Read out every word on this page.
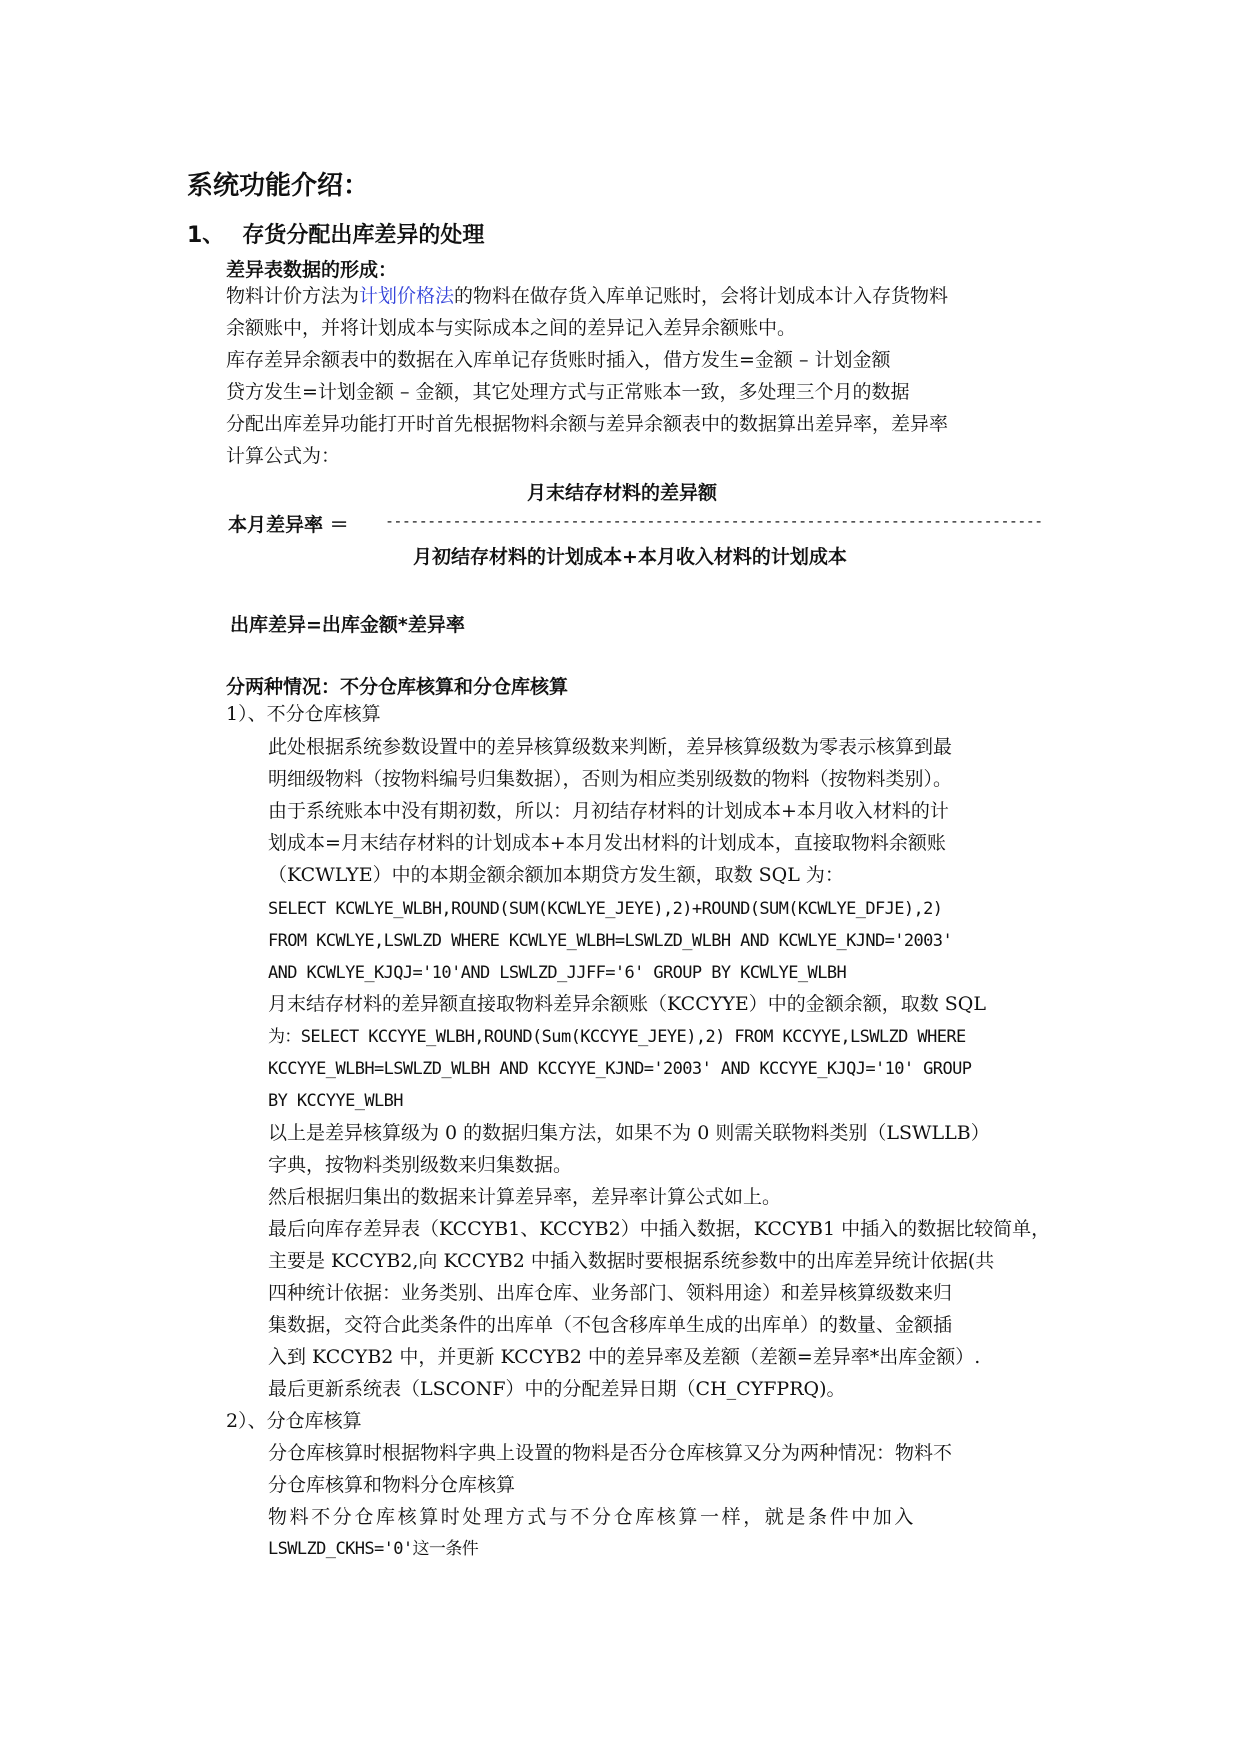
系统功能介绍：
1、 存货分配出库差异的处理
差异表数据的形成：
物料计价方法为计划价格法的物料在做存货入库单记账时，会将计划成本计入存货物料
余额账中，并将计划成本与实际成本之间的差异记入差异余额账中。
库存差异余额表中的数据在入库单记存货账时插入，借方发生=金额 – 计划金额
贷方发生=计划金额 – 金额，其它处理方式与正常账本一致，多处理三个月的数据
分配出库差异功能打开时首先根据物料余额与差异余额表中的数据算出差异率，差异率
计算公式为：
月末结存材料的差异额
本月差异率 ＝ ------------------------------------------------------------------------------
月初结存材料的计划成本+本月收入材料的计划成本
出库差异=出库金额*差异率
分两种情况：不分仓库核算和分仓库核算
1）、不分仓库核算
此处根据系统参数设置中的差异核算级数来判断，差异核算级数为零表示核算到最
明细级物料（按物料编号归集数据），否则为相应类别级数的物料（按物料类别）。
由于系统账本中没有期初数，所以：月初结存材料的计划成本+本月收入材料的计
划成本=月末结存材料的计划成本+本月发出材料的计划成本，直接取物料余额账
（KCWLYE）中的本期金额余额加本期贷方发生额，取数 SQL 为：
SELECT KCWLYE_WLBH,ROUND(SUM(KCWLYE_JEYE),2)+ROUND(SUM(KCWLYE_DFJE),2)
FROM KCWLYE,LSWLZD WHERE KCWLYE_WLBH=LSWLZD_WLBH AND KCWLYE_KJND='2003'
AND KCWLYE_KJQJ='10'AND LSWLZD_JJFF='6' GROUP BY KCWLYE_WLBH
月末结存材料的差异额直接取物料差异余额账（KCCYYE）中的金额余额，取数 SQL
为：SELECT KCCYYE_WLBH,ROUND(Sum(KCCYYE_JEYE),2) FROM KCCYYE,LSWLZD WHERE
KCCYYE_WLBH=LSWLZD_WLBH AND KCCYYE_KJND='2003' AND KCCYYE_KJQJ='10' GROUP
BY KCCYYE_WLBH
以上是差异核算级为 0 的数据归集方法，如果不为 0 则需关联物料类别（LSWLLB）
字典，按物料类别级数来归集数据。
然后根据归集出的数据来计算差异率，差异率计算公式如上。
最后向库存差异表（KCCYB1、KCCYB2）中插入数据，KCCYB1 中插入的数据比较简单，
主要是 KCCYB2,向 KCCYB2 中插入数据时要根据系统参数中的出库差异统计依据(共
四种统计依据：业务类别、出库仓库、业务部门、领料用途）和差异核算级数来归
集数据，交符合此类条件的出库单（不包含移库单生成的出库单）的数量、金额插
入到 KCCYB2 中，并更新 KCCYB2 中的差异率及差额（差额=差异率*出库金额）.
最后更新系统表（LSCONF）中的分配差异日期（CH_CYFPRQ)。
2）、分仓库核算
分仓库核算时根据物料字典上设置的物料是否分仓库核算又分为两种情况：物料不
分仓库核算和物料分仓库核算
物料不分仓库核算时处理方式与不分仓库核算一样，就是条件中加入
LSWLZD_CKHS='0'这一条件
